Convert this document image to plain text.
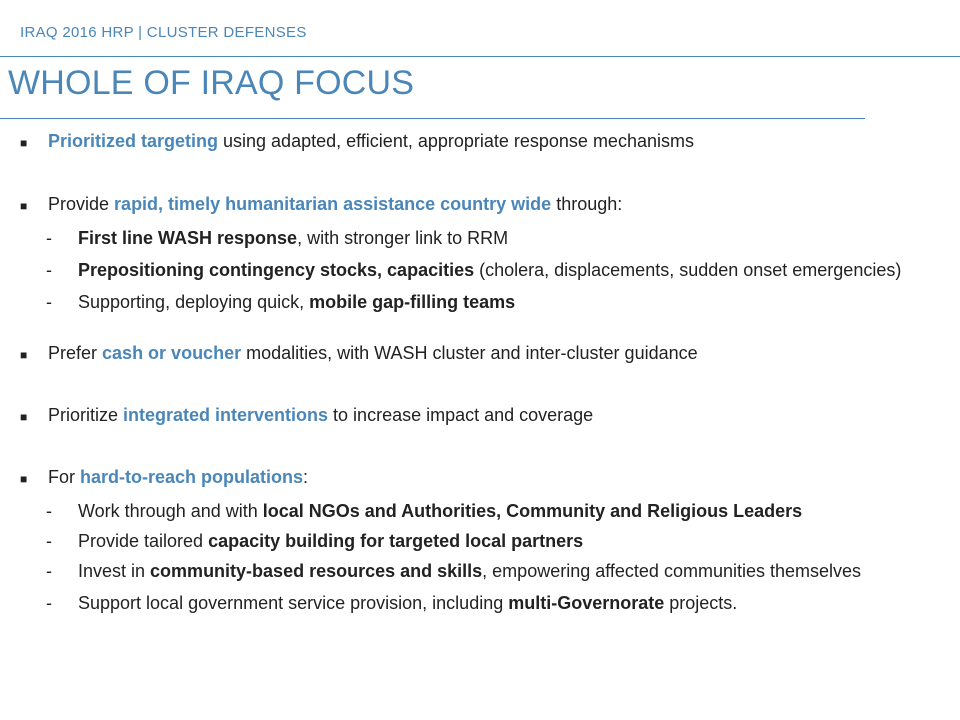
IRAQ 2016 HRP | CLUSTER DEFENSES
WHOLE OF IRAQ FOCUS
■	Prioritized targeting using adapted, efficient, appropriate response mechanisms
■	Provide rapid, timely humanitarian assistance country wide through:
-	First line WASH response, with stronger link to RRM
-	Prepositioning contingency stocks, capacities (cholera, displacements, sudden onset emergencies)
-	Supporting, deploying quick, mobile gap-filling teams
■	Prefer cash or voucher modalities, with WASH cluster and inter-cluster guidance
■	Prioritize integrated interventions to increase impact and coverage
■	For hard-to-reach populations:
-	Work through and with local NGOs and Authorities, Community and Religious Leaders
-	Provide tailored capacity building for targeted local partners
-	Invest in community-based resources and skills, empowering affected communities themselves
-	Support local government service provision, including multi-Governorate projects.
